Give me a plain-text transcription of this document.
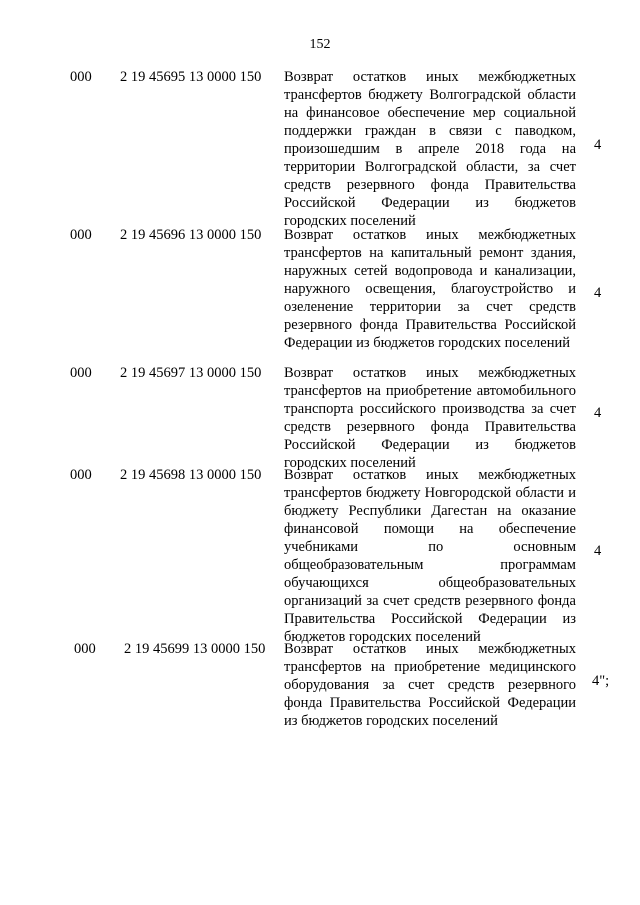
152
000 2 19 45695 13 0000 150 Возврат остатков иных межбюджетных трансфертов бюджету Волгоградской области на финансовое обеспечение мер социальной поддержки граждан в связи с паводком, произошедшим в апреле 2018 года на территории Волгоградской области, за счет средств резервного фонда Правительства Российской Федерации из бюджетов городских поселений
4
000 2 19 45696 13 0000 150 Возврат остатков иных межбюджетных трансфертов на капитальный ремонт здания, наружных сетей водопровода и канализации, наружного освещения, благоустройство и озеленение территории за счет средств резервного фонда Правительства Российской Федерации из бюджетов городских поселений
4
000 2 19 45697 13 0000 150 Возврат остатков иных межбюджетных трансфертов на приобретение автомобильного транспорта российского производства за счет средств резервного фонда Правительства Российской Федерации из бюджетов городских поселений
4
000 2 19 45698 13 0000 150 Возврат остатков иных межбюджетных трансфертов бюджету Новгородской области и бюджету Республики Дагестан на оказание финансовой помощи на обеспечение учебниками по основным общеобразовательным программам обучающихся общеобразовательных организаций за счет средств резервного фонда Правительства Российской Федерации из бюджетов городских поселений
4
000 2 19 45699 13 0000 150 Возврат остатков иных межбюджетных трансфертов на приобретение медицинского оборудования за счет средств резервного фонда Правительства Российской Федерации из бюджетов городских поселений
4";
